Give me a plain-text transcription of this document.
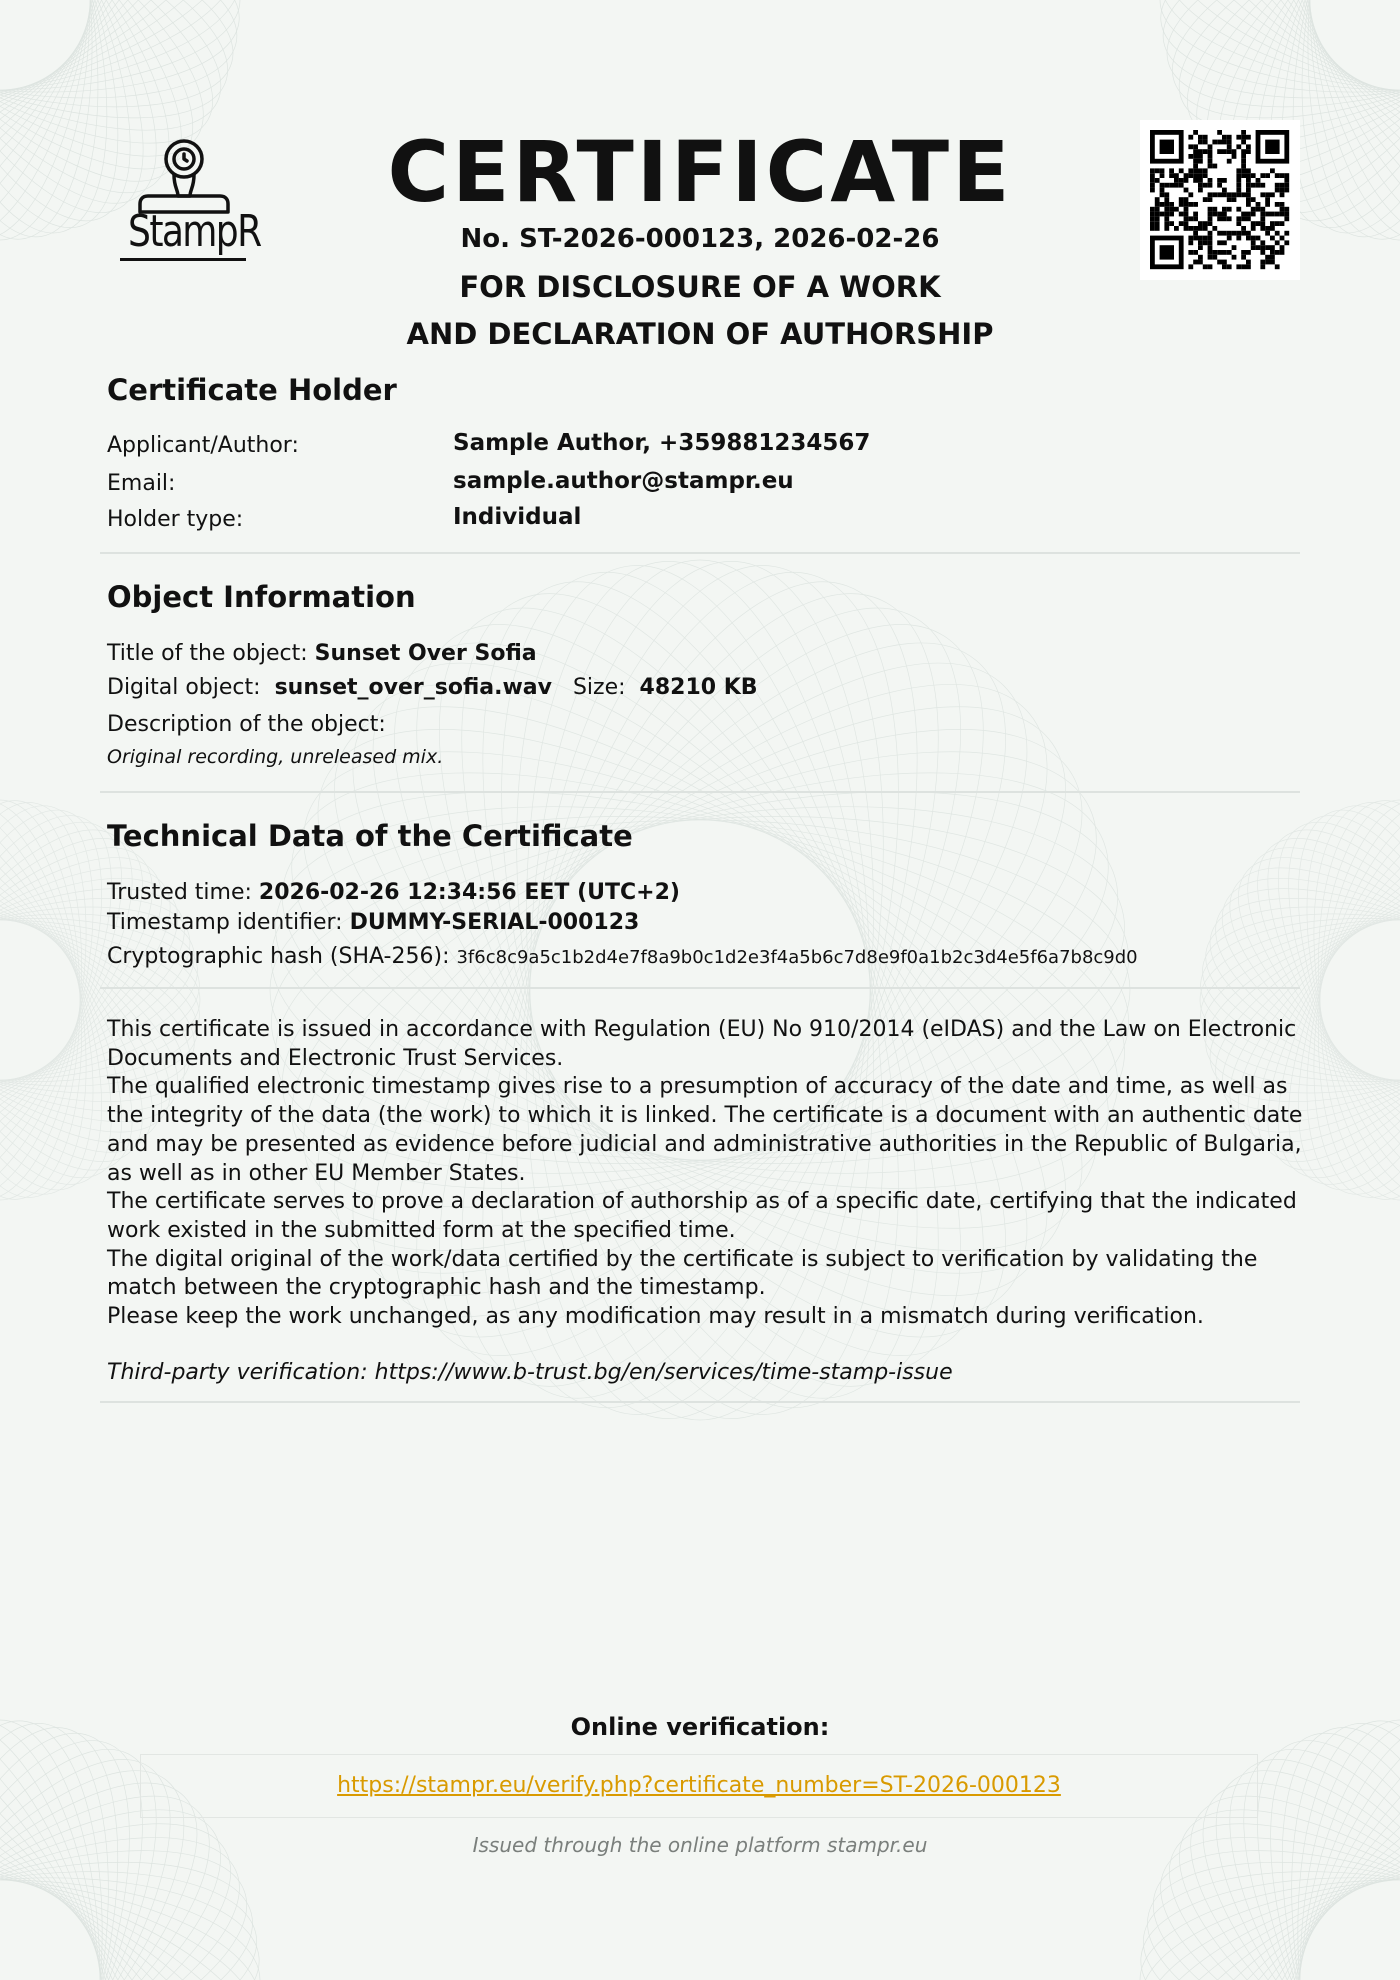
StampR
CERTIFICATE
No. ST-2026-000123, 2026-02-26
FOR DISCLOSURE OF A WORK
AND DECLARATION OF AUTHORSHIP
Certificate Holder
Applicant/Author:	Sample Author, +359881234567
Email:	sample.author@stampr.eu
Holder type:	Individual
Object Information
Title of the object: Sunset Over Sofia
Digital object: sunset_over_sofia.wav Size: 48210 KB
Description of the object:
Original recording, unreleased mix.
Technical Data of the Certificate
Trusted time: 2026-02-26 12:34:56 EET (UTC+2)
Timestamp identifier: DUMMY-SERIAL-000123
Cryptographic hash (SHA-256): 3f6c8c9a5c1b2d4e7f8a9b0c1d2e3f4a5b6c7d8e9f0a1b2c3d4e5f6a7b8c9d0

This certificate is issued in accordance with Regulation (EU) No 910/2014 (eIDAS) and the Law on Electronic Documents and Electronic Trust Services.

The qualified electronic timestamp gives rise to a presumption of accuracy of the date and time, as well as the integrity of the data (the work) to which it is linked. The certificate is a document with an authentic date and may be presented as evidence before judicial and administrative authorities in the Republic of Bulgaria, as well as in other EU Member States.

The certificate serves to prove a declaration of authorship as of a specific date, certifying that the indicated work existed in the submitted form at the specified time.

The digital original of the work/data certified by the certificate is subject to verification by validating the match between the cryptographic hash and the timestamp.

Please keep the work unchanged, as any modification may result in a mismatch during verification.

Third-party verification: https://www.b-trust.bg/en/services/time-stamp-issue
Online verification:
https://stampr.eu/verify.php?certificate_number=ST-2026-000123
Issued through the online platform stampr.eu
